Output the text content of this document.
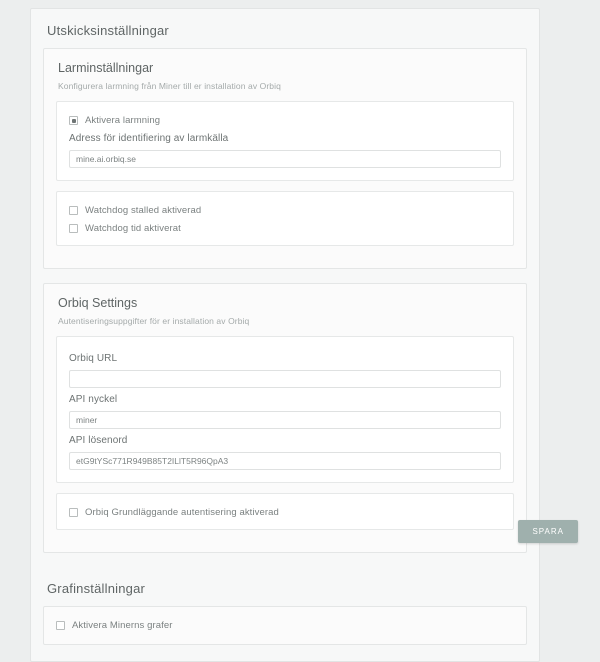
Utskicksinställningar
Larminställningar
Konfigurera larmning från Miner till er installation av Orbiq
Aktivera larmning
Adress för identifiering av larmkälla
mine.ai.orbiq.se
Watchdog stalled aktiverad
Watchdog tid aktiverat
Orbiq Settings
Autentiseringsuppgifter för er installation av Orbiq
Orbiq URL
API nyckel
miner
API lösenord
etG9tYSc771R949B85T2ILlT5R96QpA3
Orbiq Grundläggande autentisering aktiverad
Grafinställningar
Aktivera Minerns grafer
SPARA
